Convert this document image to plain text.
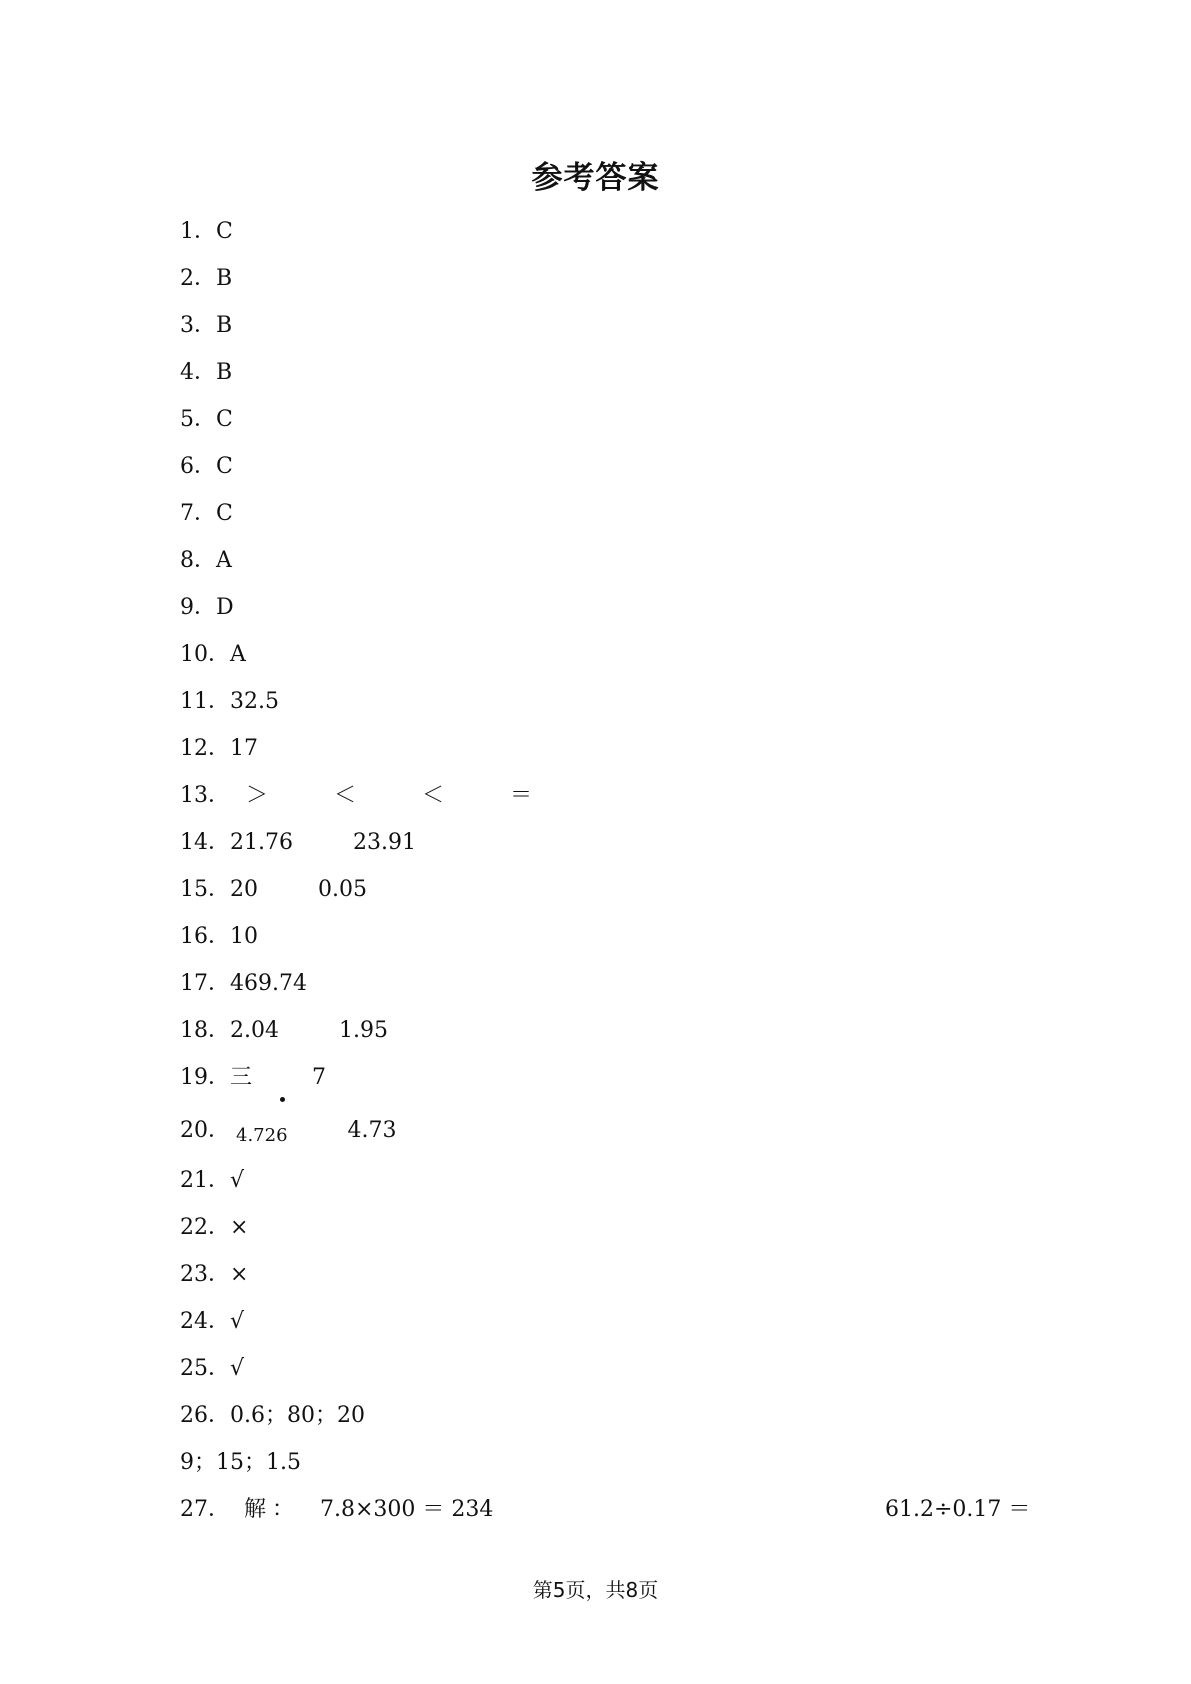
参考答案
1．C
2．B
3．B
4．B
5．C
6．C
7．C
8．A
9．D
10．A
11．32.5
12．17
13． ＞	＜	＜	＝
14．21.76	23.91
15．20	0.05
16．10
17．469.74
18．2.04	1.95
19．三	7
20． 4.726	4.73
21．√
22．×
23．×
24．√
25．√
26．0.6；80；20
9；15；1.5
27． 解： 7.8×300 ＝ 234	61.2÷0.17 ＝
第5页，共8页
